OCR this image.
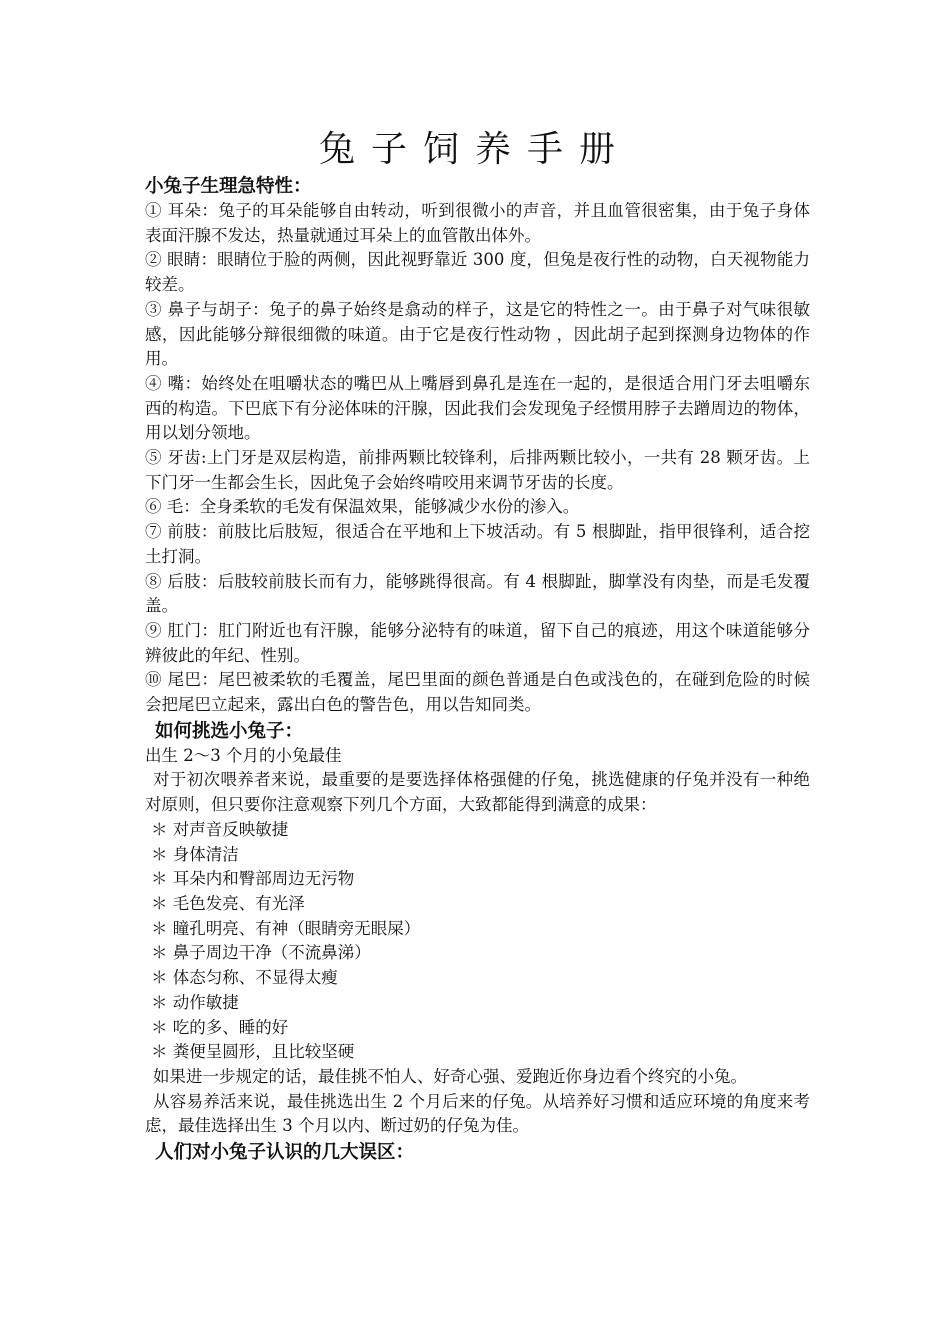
兔子饲养手册
小兔子生理急特性：
① 耳朵：兔子的耳朵能够自由转动，听到很微小的声音，并且血管很密集，由于兔子身体表面汗腺不发达，热量就通过耳朵上的血管散出体外。
② 眼睛：眼睛位于脸的两侧，因此视野靠近 300 度，但兔是夜行性的动物，白天视物能力较差。
③ 鼻子与胡子：兔子的鼻子始终是翕动的样子，这是它的特性之一。由于鼻子对气味很敏感，因此能够分辩很细微的味道。由于它是夜行性动物 ，因此胡子起到探测身边物体的作用。
④ 嘴：始终处在咀嚼状态的嘴巴从上嘴唇到鼻孔是连在一起的，是很适合用门牙去咀嚼东西的构造。下巴底下有分泌体味的汗腺，因此我们会发现兔子经惯用脖子去蹭周边的物体，用以划分领地。
⑤ 牙齿:上门牙是双层构造，前排两颗比较锋利，后排两颗比较小，一共有 28 颗牙齿。上下门牙一生都会生长，因此兔子会始终啃咬用来调节牙齿的长度。
⑥ 毛：全身柔软的毛发有保温效果，能够减少水份的渗入。
⑦ 前肢：前肢比后肢短，很适合在平地和上下坡活动。有 5 根脚趾，指甲很锋利，适合挖土打洞。
⑧ 后肢：后肢较前肢长而有力，能够跳得很高。有 4 根脚趾，脚掌没有肉垫，而是毛发覆盖。
⑨ 肛门：肛门附近也有汗腺，能够分泌特有的味道，留下自己的痕迹，用这个味道能够分辨彼此的年纪、性别。
⑩ 尾巴：尾巴被柔软的毛覆盖，尾巴里面的颜色普通是白色或浅色的，在碰到危险的时候会把尾巴立起来，露出白色的警告色，用以告知同类。
如何挑选小兔子：
出生 2～3 个月的小兔最佳
对于初次喂养者来说，最重要的是要选择体格强健的仔兔，挑选健康的仔兔并没有一种绝对原则，但只要你注意观察下列几个方面，大致都能得到满意的成果：
＊ 对声音反映敏捷
＊ 身体清洁
＊ 耳朵内和臀部周边无污物
＊ 毛色发亮、有光泽
＊ 瞳孔明亮、有神（眼睛旁无眼屎）
＊ 鼻子周边干净（不流鼻涕）
＊ 体态匀称、不显得太瘦
＊ 动作敏捷
＊ 吃的多、睡的好
＊ 粪便呈圆形，且比较坚硬
如果进一步规定的话，最佳挑不怕人、好奇心强、爱跑近你身边看个终究的小兔。
从容易养活来说，最佳挑选出生 2 个月后来的仔兔。从培养好习惯和适应环境的角度来考虑，最佳选择出生 3 个月以内、断过奶的仔兔为佳。
人们对小兔子认识的几大误区：
